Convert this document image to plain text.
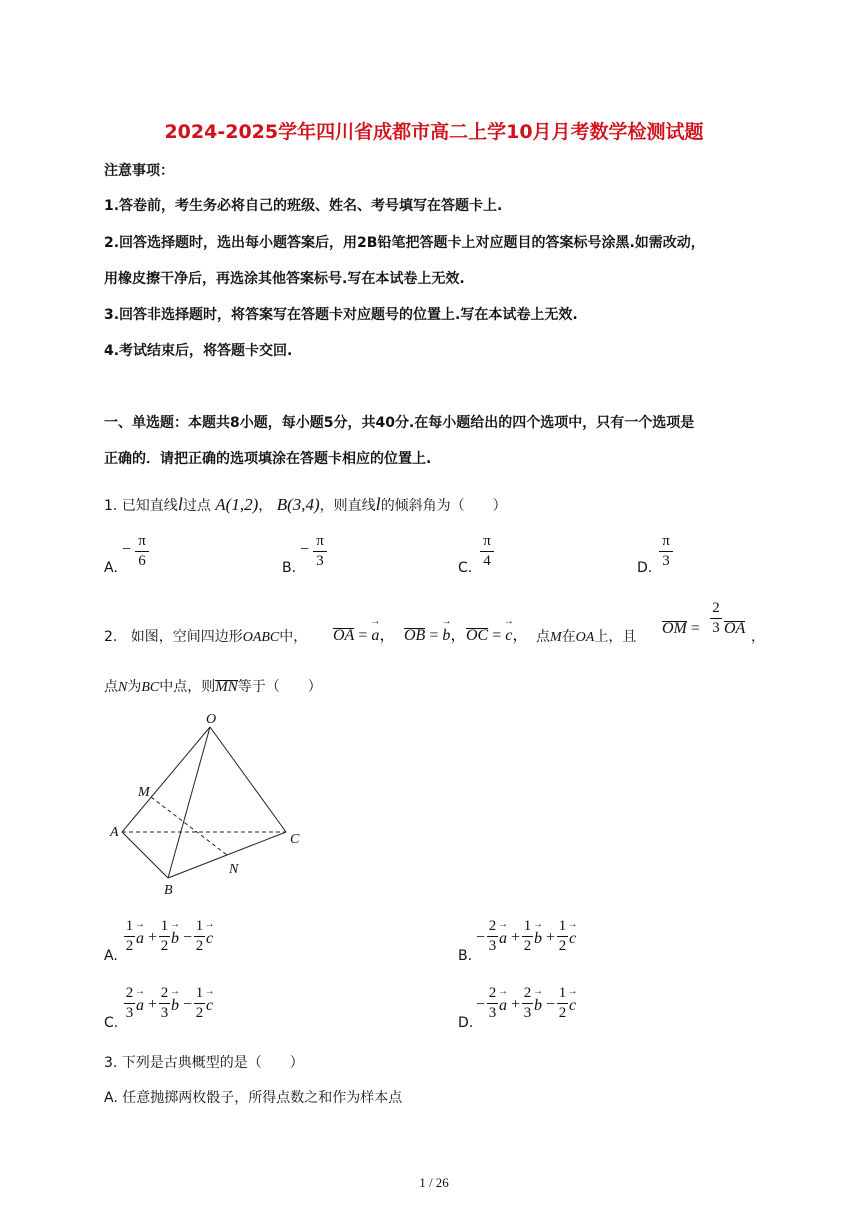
2024-2025学年四川省成都市高二上学10月月考数学检测试题
注意事项：
1.答卷前，考生务必将自己的班级、姓名、考号填写在答题卡上.
2.回答选择题时，选出每小题答案后，用2B铅笔把答题卡上对应题目的答案标号涂黑.如需改动，
用橡皮擦干净后，再选涂其他答案标号.写在本试卷上无效.
3.回答非选择题时，将答案写在答题卡对应题号的位置上.写在本试卷上无效.
4.考试结束后，将答题卡交回.
一、单选题：本题共8小题，每小题5分，共40分.在每小题给出的四个选项中，只有一个选项是
正确的．请把正确的选项填涂在答题卡相应的位置上.
1. 已知直线l过点 A(1,2)， B(3,4)，则直线l的倾斜角为（　　）
A.
− π
6	B.
− π
3	C.
π
4	D.
π
3
2. 如图，空间四边形OABC中， OA = → a， OB = → b， OC = → c， 点M在OA上，且 OM =
2
3 OA ，
点N为BC中点，则MN等于（　　）
O
M
A	C
N
B
A.
1
2 → a +
1
2 → b −
1
2 → c
B.
−
2
3 → a +
1
2 → b +
1
2 → c
C.
2
3 → a +
2
3 → b −
1
2 → c
D.
−
2
3 → a +
2
3 → b −
1
2 → c
3. 下列是古典概型的是（　　）
A. 任意抛掷两枚骰子，所得点数之和作为样本点
1 / 26
